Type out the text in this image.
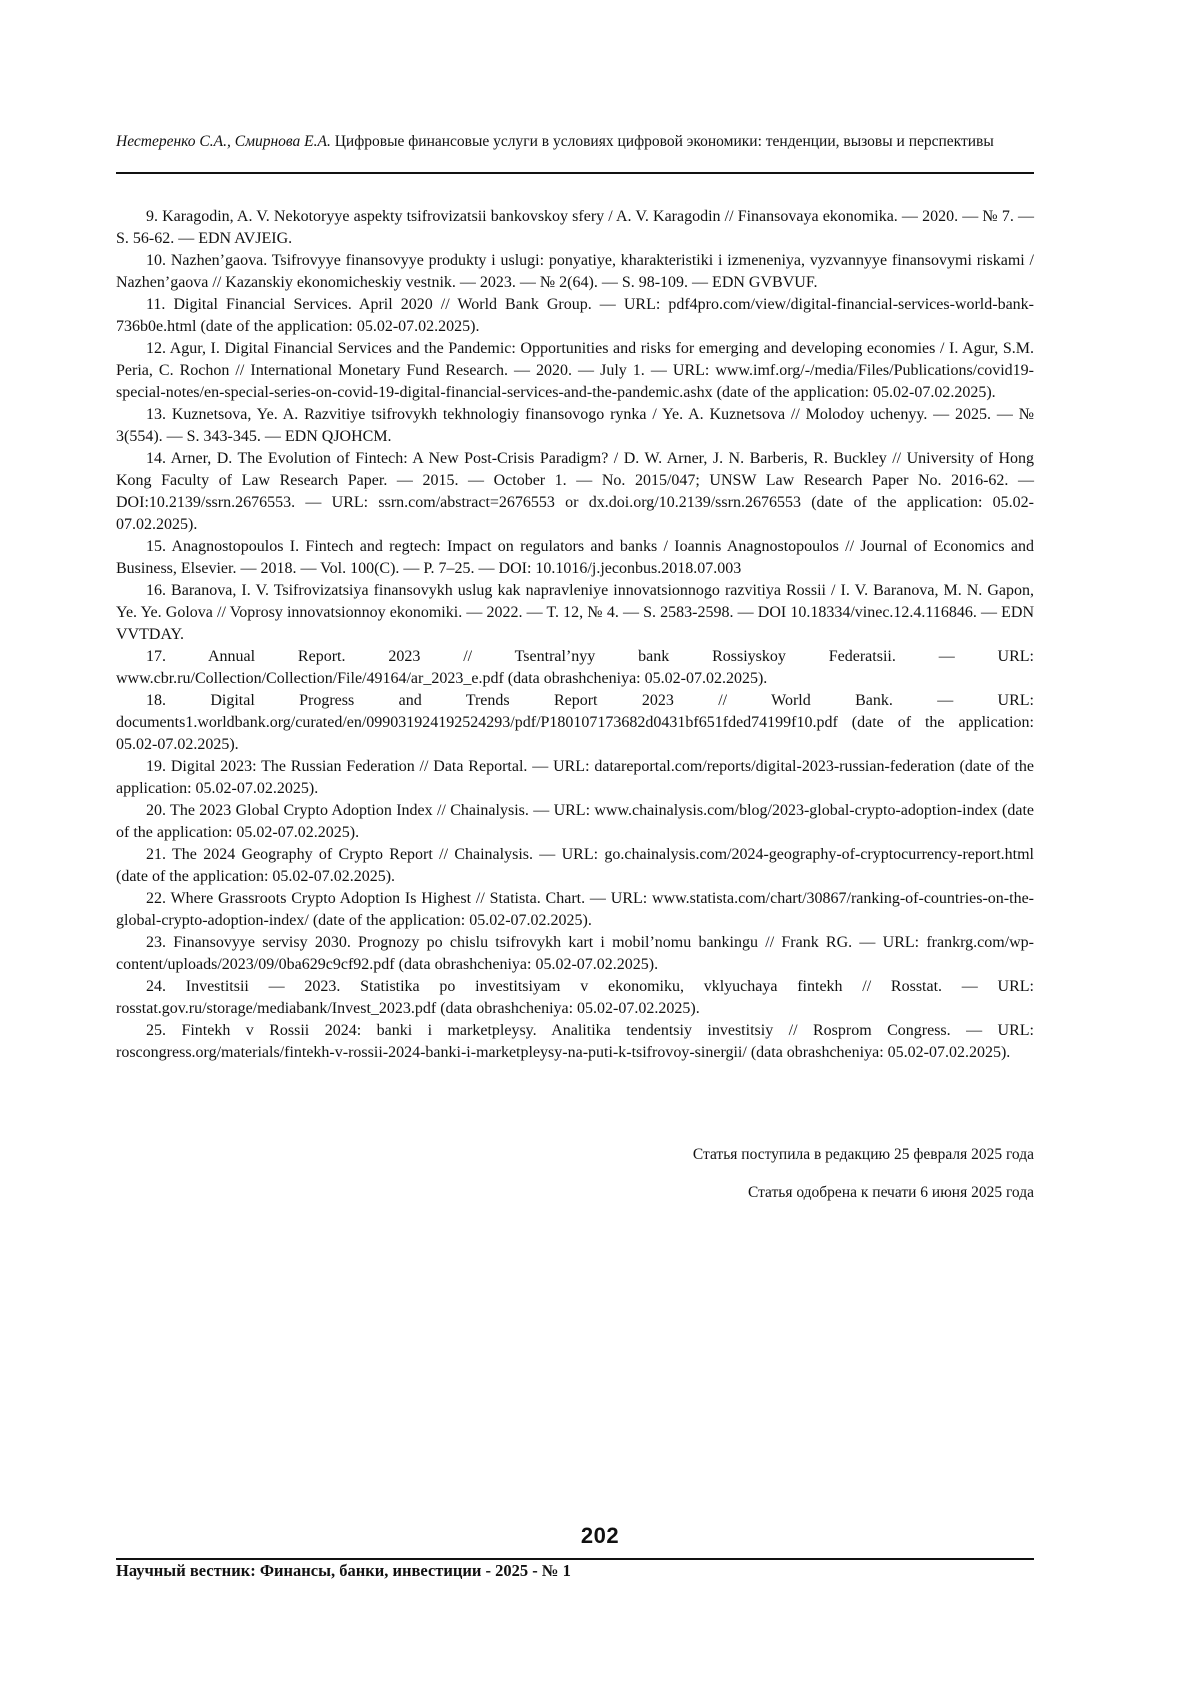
Нестеренко С.А., Смирнова Е.А. Цифровые финансовые услуги в условиях цифровой экономики: тенденции, вызовы и перспективы

9. Karagodin, A. V. Nekotoryye aspekty tsifrovizatsii bankovskoy sfery / A. V. Karagodin // Finansovaya ekonomika. — 2020. — № 7. — S. 56-62. — EDN AVJEIG.

10. Nazhen’gaova. Tsifrovyye finansovyye produkty i uslugi: ponyatiye, kharakteristiki i izmeneniya, vyzvannyye finansovymi riskami / Nazhen’gaova // Kazanskiy ekonomicheskiy vestnik. — 2023. — № 2(64). — S. 98-109. — EDN GVBVUF.

11. Digital Financial Services. April 2020 // World Bank Group. — URL: pdf4pro.com/view/digital-financial-services-world-bank-736b0e.html (date of the application: 05.02-07.02.2025).

12. Agur, I. Digital Financial Services and the Pandemic: Opportunities and risks for emerging and developing economies / I. Agur, S.M. Peria, C. Rochon // International Monetary Fund Research. — 2020. — July 1. — URL: www.imf.org/-/media/Files/Publications/covid19-special-notes/en-special-series-on-covid-19-digital-financial-services-and-the-pandemic.ashx (date of the application: 05.02-07.02.2025).

13. Kuznetsova, Ye. A. Razvitiye tsifrovykh tekhnologiy finansovogo rynka / Ye. A. Kuznetsova // Molodoy uchenyy. — 2025. — № 3(554). — S. 343-345. — EDN QJOHCM.

14. Arner, D. The Evolution of Fintech: A New Post-Crisis Paradigm? / D. W. Arner, J. N. Barberis, R. Buckley // University of Hong Kong Faculty of Law Research Paper. — 2015. — October 1. — No. 2015/047; UNSW Law Research Paper No. 2016-62. — DOI:10.2139/ssrn.2676553. — URL: ssrn.com/abstract=2676553 or dx.doi.org/10.2139/ssrn.2676553 (date of the application: 05.02-07.02.2025).

15. Anagnostopoulos I. Fintech and regtech: Impact on regulators and banks / Ioannis Anagnostopoulos // Journal of Economics and Business, Elsevier. — 2018. — Vol. 100(C). — P. 7–25. — DOI: 10.1016/j.jeconbus.2018.07.003

16. Baranova, I. V. Tsifrovizatsiya finansovykh uslug kak napravleniye innovatsionnogo razvitiya Rossii / I. V. Baranova, M. N. Gapon, Ye. Ye. Golova // Voprosy innovatsionnoy ekonomiki. — 2022. — T. 12, № 4. — S. 2583-2598. — DOI 10.18334/vinec.12.4.116846. — EDN VVTDAY.

17. Annual Report. 2023 // Tsentral’nyy bank Rossiyskoy Federatsii. — URL: www.cbr.ru/Collection/Collection/File/49164/ar_2023_e.pdf (data obrashcheniya: 05.02-07.02.2025).

18. Digital Progress and Trends Report 2023 // World Bank. — URL: documents1.worldbank.org/curated/en/099031924192524293/pdf/P180107173682d0431bf651fded74199f10.pdf (date of the application: 05.02-07.02.2025).

19. Digital 2023: The Russian Federation // Data Reportal. — URL: datareportal.com/reports/digital-2023-russian-federation (date of the application: 05.02-07.02.2025).

20. The 2023 Global Crypto Adoption Index // Chainalysis. — URL: www.chainalysis.com/blog/2023-global-crypto-adoption-index (date of the application: 05.02-07.02.2025).

21. The 2024 Geography of Crypto Report // Chainalysis. — URL: go.chainalysis.com/2024-geography-of-cryptocurrency-report.html (date of the application: 05.02-07.02.2025).

22. Where Grassroots Crypto Adoption Is Highest // Statista. Chart. — URL: www.statista.com/chart/30867/ranking-of-countries-on-the-global-crypto-adoption-index/ (date of the application: 05.02-07.02.2025).

23. Finansovyye servisy 2030. Prognozy po chislu tsifrovykh kart i mobil’nomu bankingu // Frank RG. — URL: frankrg.com/wp-content/uploads/2023/09/0ba629c9cf92.pdf (data obrashcheniya: 05.02-07.02.2025).

24. Investitsii — 2023. Statistika po investitsiyam v ekonomiku, vklyuchaya fintekh // Rosstat. — URL: rosstat.gov.ru/storage/mediabank/Invest_2023.pdf (data obrashcheniya: 05.02-07.02.2025).

25. Fintekh v Rossii 2024: banki i marketpleysy. Analitika tendentsiy investitsiy // Rosprom Congress. — URL: roscongress.org/materials/fintekh-v-rossii-2024-banki-i-marketpleysy-na-puti-k-tsifrovoy-sinergii/ (data obrashcheniya: 05.02-07.02.2025).

Статья поступила в редакцию 25 февраля 2025 года

Статья одобрена к печати 6 июня 2025 года

202
Научный вестник: Финансы, банки, инвестиции - 2025 - № 1
